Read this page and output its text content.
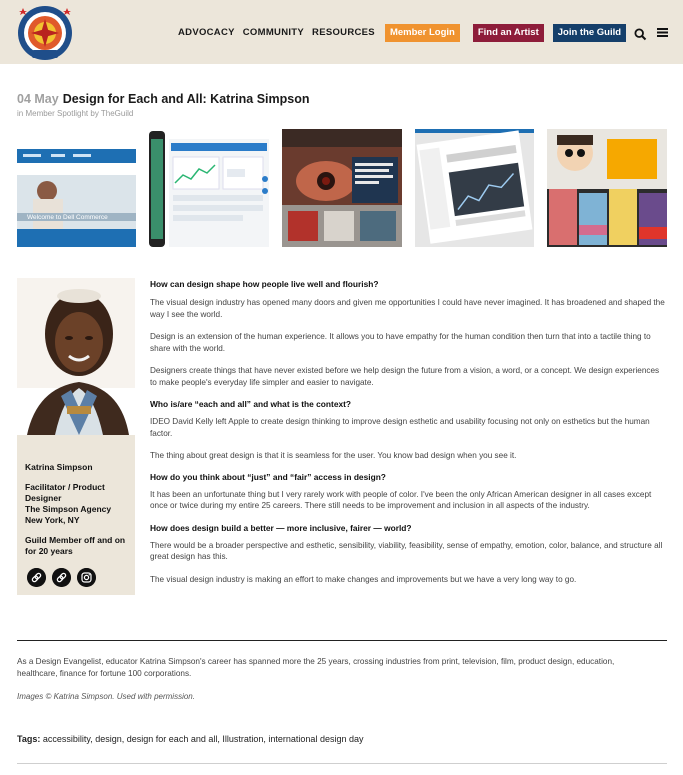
ADVOCACY COMMUNITY RESOURCES	Member Login	Find an Artist	Join the Guild
04 May Design for Each and All: Katrina Simpson
in Member Spotlight by TheGuild
Welcome to Dell Commerce
Katrina Simpson
Facilitator / Product Designer
The Simpson Agency
New York, NY
Guild Member off and on for 20 years
How can design shape how people live well and flourish?
The visual design industry has opened many doors and given me opportunities I could have never imagined. It has broadened and shaped the way I see the world.
Design is an extension of the human experience. It allows you to have empathy for the human condition then turn that into a tactile thing to share with the world.
Designers create things that have never existed before we help design the future from a vision, a word, or a concept. We design experiences to make people's everyday life simpler and easier to navigate.
Who is/are “each and all” and what is the context?
IDEO David Kelly left Apple to create design thinking to improve design esthetic and usability focusing not only on esthetics but the human factor.
The thing about great design is that it is seamless for the user. You know bad design when you see it.
How do you think about “just” and “fair” access in design?
It has been an unfortunate thing but I very rarely work with people of color. I've been the only African American designer in all cases except once or twice during my entire 25 careers. There still needs to be improvement and inclusion in all aspects of the industry.
How does design build a better — more inclusive, fairer — world?
There would be a broader perspective and esthetic, sensibility, viability, feasibility, sense of empathy, emotion, color, balance, and structure all great design has this.
The visual design industry is making an effort to make changes and improvements but we have a very long way to go.
As a Design Evangelist, educator Katrina Simpson's career has spanned more the 25 years, crossing industries from print, television, film, product design, education, healthcare, finance for fortune 100 corporations.
Images © Katrina Simpson. Used with permission.
Tags: accessibility, design, design for each and all, Illustration, international design day
